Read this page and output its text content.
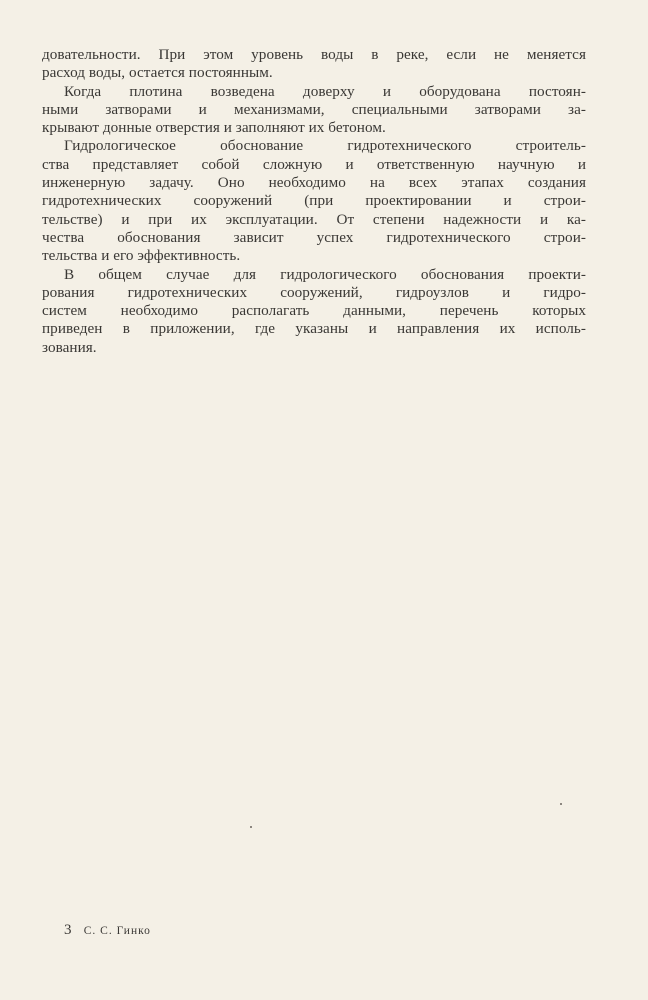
довательности. При этом уровень воды в реке, если не меняется
расход воды, остается постоянным.
Когда плотина возведена доверху и оборудована постоян-
ными затворами и механизмами, специальными затворами за-
крывают донные отверстия и заполняют их бетоном.
Гидрологическое обоснование гидротехнического строитель-
ства представляет собой сложную и ответственную научную и
инженерную задачу. Оно необходимо на всех этапах создания
гидротехнических сооружений (при проектировании и строи-
тельстве) и при их эксплуатации. От степени надежности и ка-
чества обоснования зависит успех гидротехнического строи-
тельства и его эффективность.
В общем случае для гидрологического обоснования проекти-
рования гидротехнических сооружений, гидроузлов и гидро-
систем необходимо располагать данными, перечень которых
приведен в приложении, где указаны и направления их исполь-
зования.
3 С. С. Гинко
